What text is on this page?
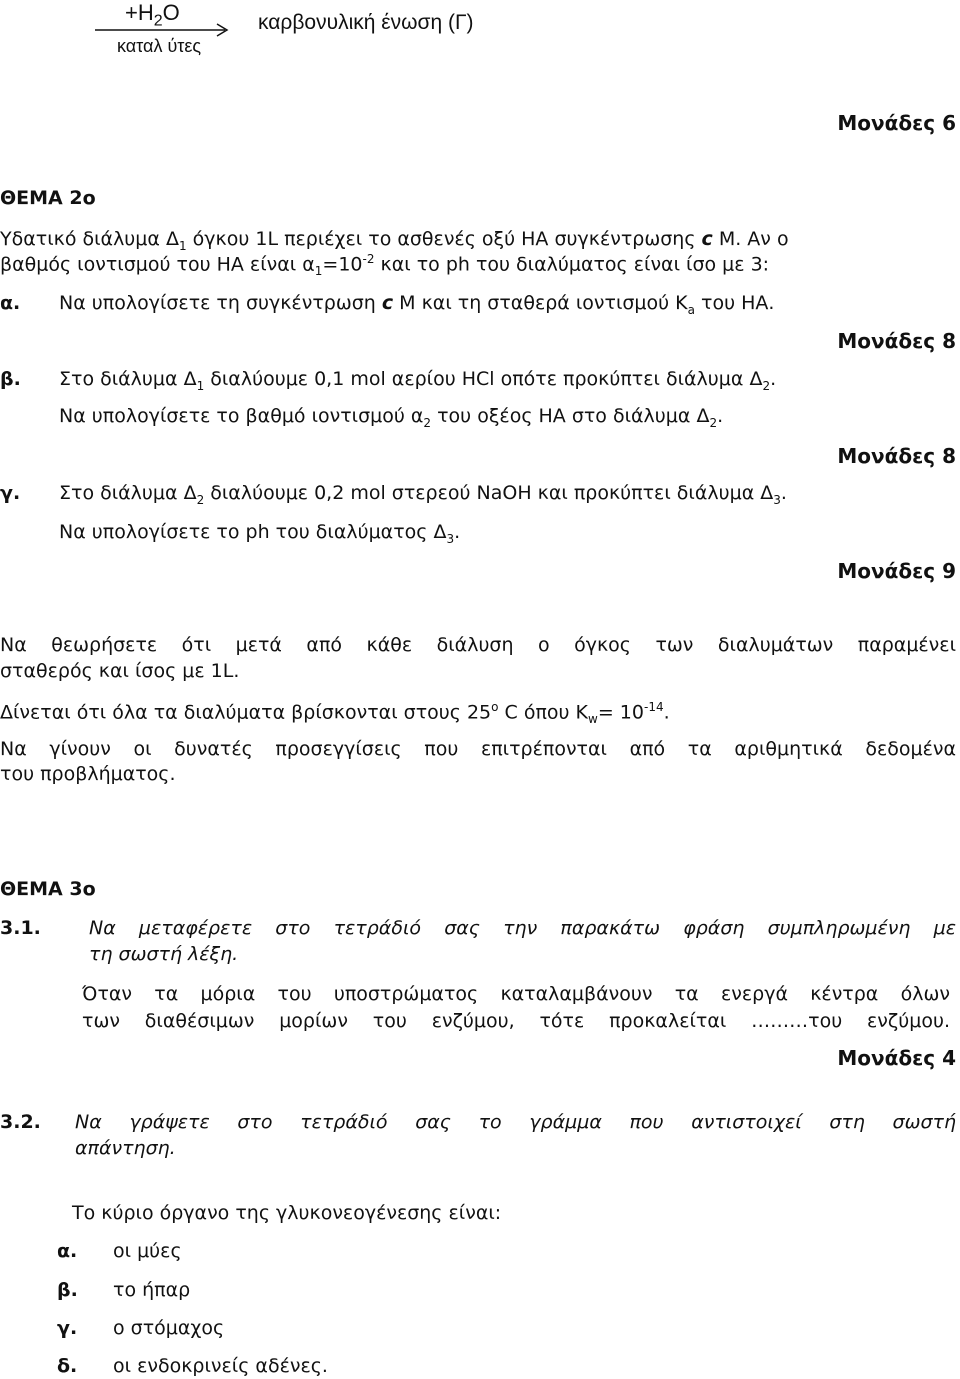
$+H_2O$
καταλ ύτες
καρβονυλική ένωση (Γ)
Μονάδες 6
ΘΕΜΑ 2ο
Υδατικό διάλυμα $\Delta_1$ όγκου 1L περιέχει το ασθενές οξύ ΗΑ συγκέντρωσης c Μ. Αν ο
βαθμός ιοντισμού του ΗΑ είναι $\alpha_1=10^{-2}$ και το ph του διαλύματος είναι ίσο με 3:
α. Να υπολογίσετε τη συγκέντρωση c Μ και τη σταθερά ιοντισμού $K_a$ του ΗΑ.
Μονάδες 8
β. Στο διάλυμα $\Delta_1$ διαλύουμε 0,1 mol αερίου HCl οπότε προκύπτει διάλυμα $\Delta_2$.
Να υπολογίσετε το βαθμό ιοντισμού $\alpha_2$ του οξέος ΗΑ στο διάλυμα $\Delta_2$.
Μονάδες 8
γ. Στο διάλυμα $\Delta_2$ διαλύουμε 0,2 mol στερεού NaOH και προκύπτει διάλυμα $\Delta_3$.
Να υπολογίσετε το ph του διαλύματος $\Delta_3$.
Μονάδες 9
Να θεωρήσετε ότι μετά από κάθε διάλυση ο όγκος των διαλυμάτων παραμένει
σταθερός και ίσος με 1L.
Δίνεται ότι όλα τα διαλύματα βρίσκονται στους 25$^o$ C όπου $K_w= 10^{-14}$.
Να γίνουν οι δυνατές προσεγγίσεις που επιτρέπονται από τα αριθμητικά δεδομένα
του προβλήματος.
ΘΕΜΑ 3ο
3.1.	Να μεταφέρετε στο τετράδιό σας την παρακάτω φράση συμπληρωμένη με
τη σωστή λέξη.
Όταν τα μόρια του υποστρώματος καταλαμβάνουν τα ενεργά κέντρα όλων
των διαθέσιμων μορίων του ενζύμου, τότε προκαλείται ………του ενζύμου.
Μονάδες 4
3.2. Να γράψετε στο τετράδιό σας το γράμμα που αντιστοιχεί στη σωστή
απάντηση.
Το κύριο όργανο της γλυκονεογένεσης είναι:
α. οι μύες
β. το ήπαρ
γ. ο στόμαχος
δ. οι ενδοκρινείς αδένες.
